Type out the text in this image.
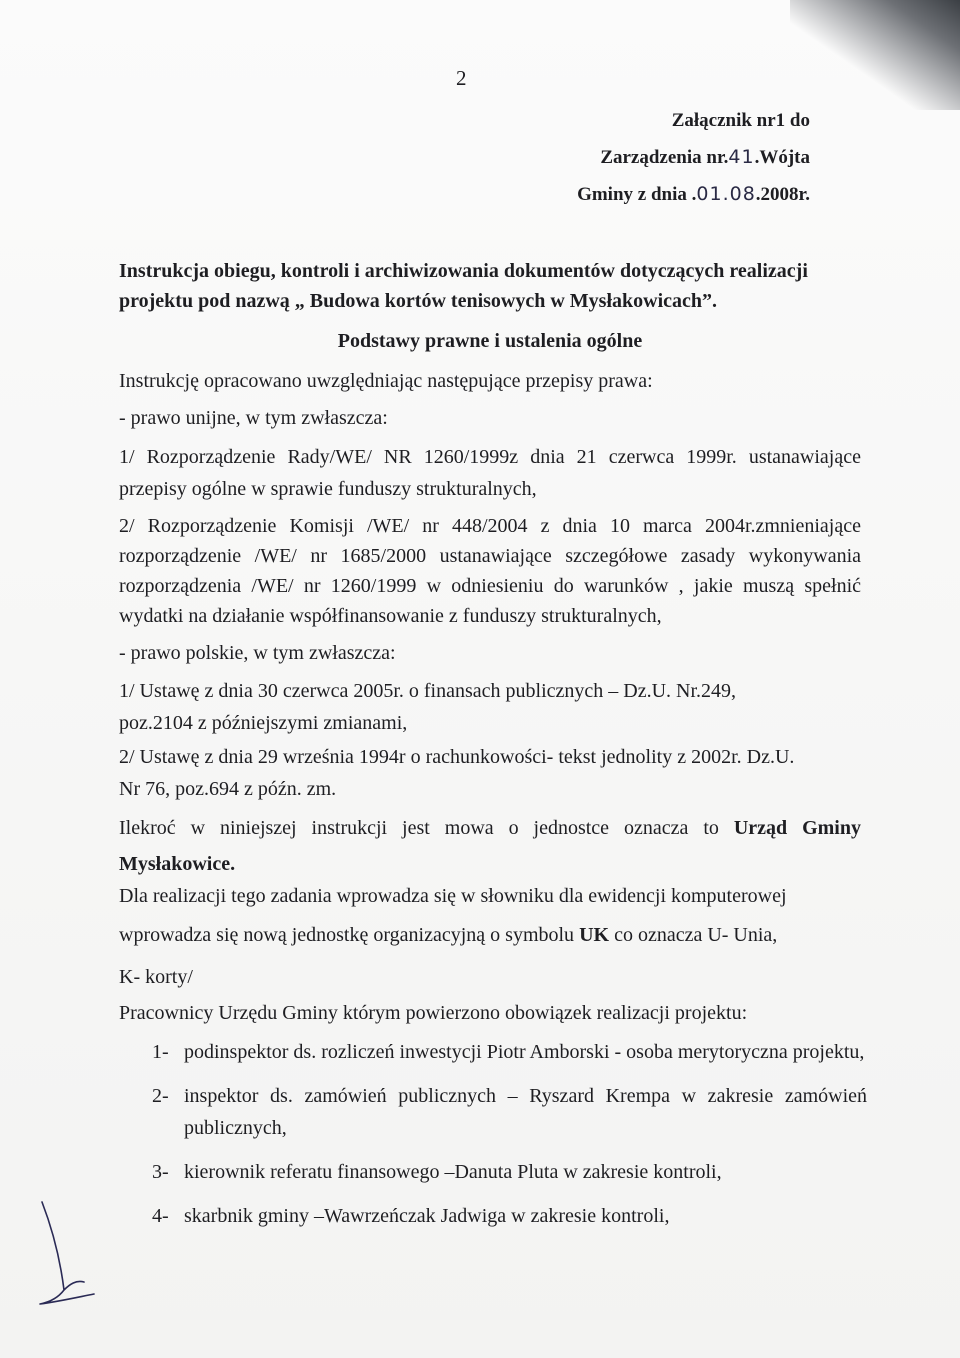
2
Załącznik nr1 do
Zarządzenia nr.41.Wójta
Gminy z dnia .01.08.2008r.
Instrukcja obiegu, kontroli i archiwizowania dokumentów dotyczących realizacji
projektu pod nazwą „ Budowa kortów tenisowych w Mysłakowicach”.
Podstawy prawne i ustalenia ogólne
Instrukcję opracowano uwzględniając następujące przepisy prawa:
- prawo unijne, w tym zwłaszcza:
1/ Rozporządzenie Rady/WE/ NR 1260/1999z dnia 21 czerwca 1999r. ustanawiające przepisy ogólne w sprawie funduszy strukturalnych,
2/ Rozporządzenie Komisji /WE/ nr 448/2004 z dnia 10 marca 2004r.zmnieniające rozporządzenie /WE/ nr 1685/2000 ustanawiające szczegółowe zasady wykonywania rozporządzenia /WE/ nr 1260/1999 w odniesieniu do warunków , jakie muszą spełnić wydatki na działanie współfinansowanie z funduszy strukturalnych,
- prawo polskie, w tym zwłaszcza:
1/ Ustawę z dnia 30 czerwca 2005r. o finansach publicznych – Dz.U. Nr.249,
poz.2104 z późniejszymi zmianami,
2/ Ustawę z dnia 29 września 1994r o rachunkowości- tekst jednolity z 2002r. Dz.U.
Nr 76, poz.694 z późn. zm.
Ilekroć w niniejszej instrukcji jest mowa o jednostce oznacza to Urząd Gminy Mysłakowice.
Dla realizacji tego zadania wprowadza się w słowniku dla ewidencji komputerowej
wprowadza się nową jednostkę organizacyjną o symbolu UK co oznacza U- Unia,
K- korty/
Pracownicy Urzędu Gminy którym powierzono obowiązek realizacji projektu:
1- podinspektor ds. rozliczeń inwestycji Piotr Amborski - osoba merytoryczna projektu,
2- inspektor ds. zamówień publicznych – Ryszard Krempa w zakresie zamówień publicznych,
3- kierownik referatu finansowego –Danuta Pluta w zakresie kontroli,
4- skarbnik gminy –Wawrzeńczak Jadwiga w zakresie kontroli,
